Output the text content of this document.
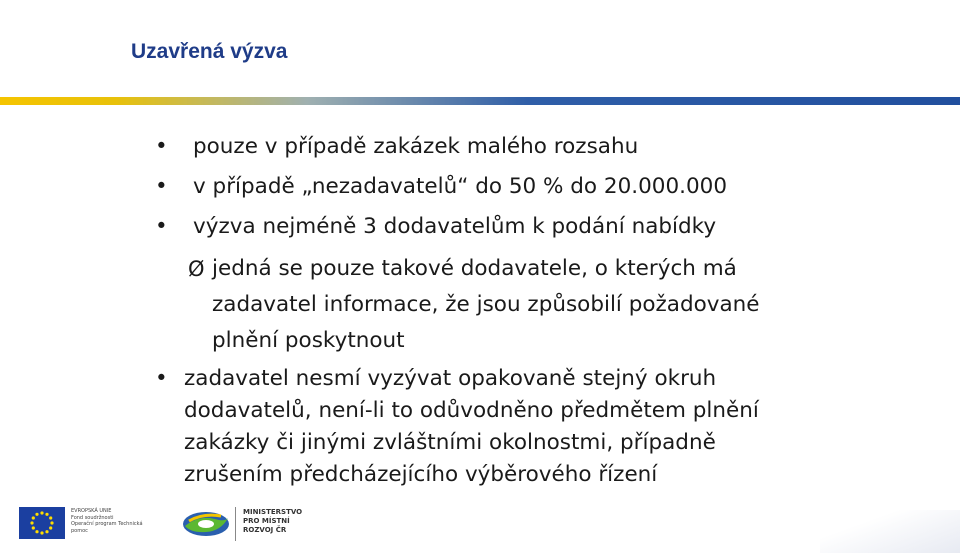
Uzavřená výzva
• pouze v případě zakázek malého rozsahu
• v případě „nezadavatelů“ do 50 % do 20.000.000
• výzva nejméně 3 dodavatelům k podání nabídky
Ø jedná se pouze takové dodavatele, o kterých má
zadavatel informace, že jsou způsobilí požadované
plnění poskytnout
• zadavatel nesmí vyzývat opakovaně stejný okruh
dodavatelů, není-li to odůvodněno předmětem plnění
zakázky či jinými zvláštními okolnostmi, případně
zrušením předcházejícího výběrového řízení
EVROPSKÁ UNIE
Fond soudržnosti
Operační program Technická pomoc
MINISTERSTVO
PRO MÍSTNÍ
ROZVOJ ČR
